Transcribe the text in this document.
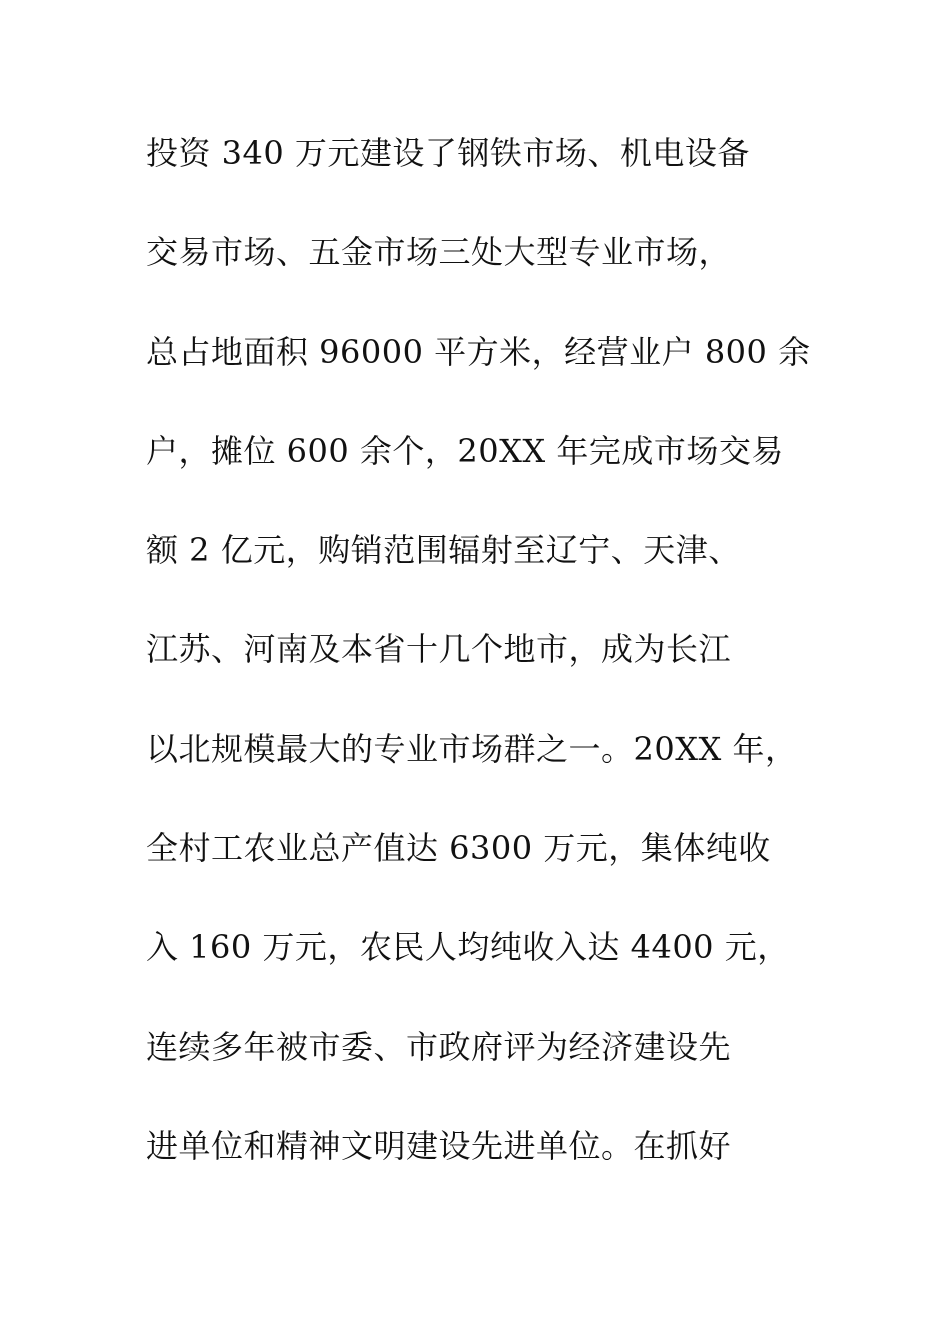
投资 340 万元建设了钢铁市场、机电设备
交易市场、五金市场三处大型专业市场，
总占地面积 96000 平方米，经营业户 800 余
户，摊位 600 余个，20XX 年完成市场交易
额 2 亿元，购销范围辐射至辽宁、天津、
江苏、河南及本省十几个地市，成为长江
以北规模最大的专业市场群之一。20XX 年，
全村工农业总产值达 6300 万元，集体纯收
入 160 万元，农民人均纯收入达 4400 元，
连续多年被市委、市政府评为经济建设先
进单位和精神文明建设先进单位。在抓好
